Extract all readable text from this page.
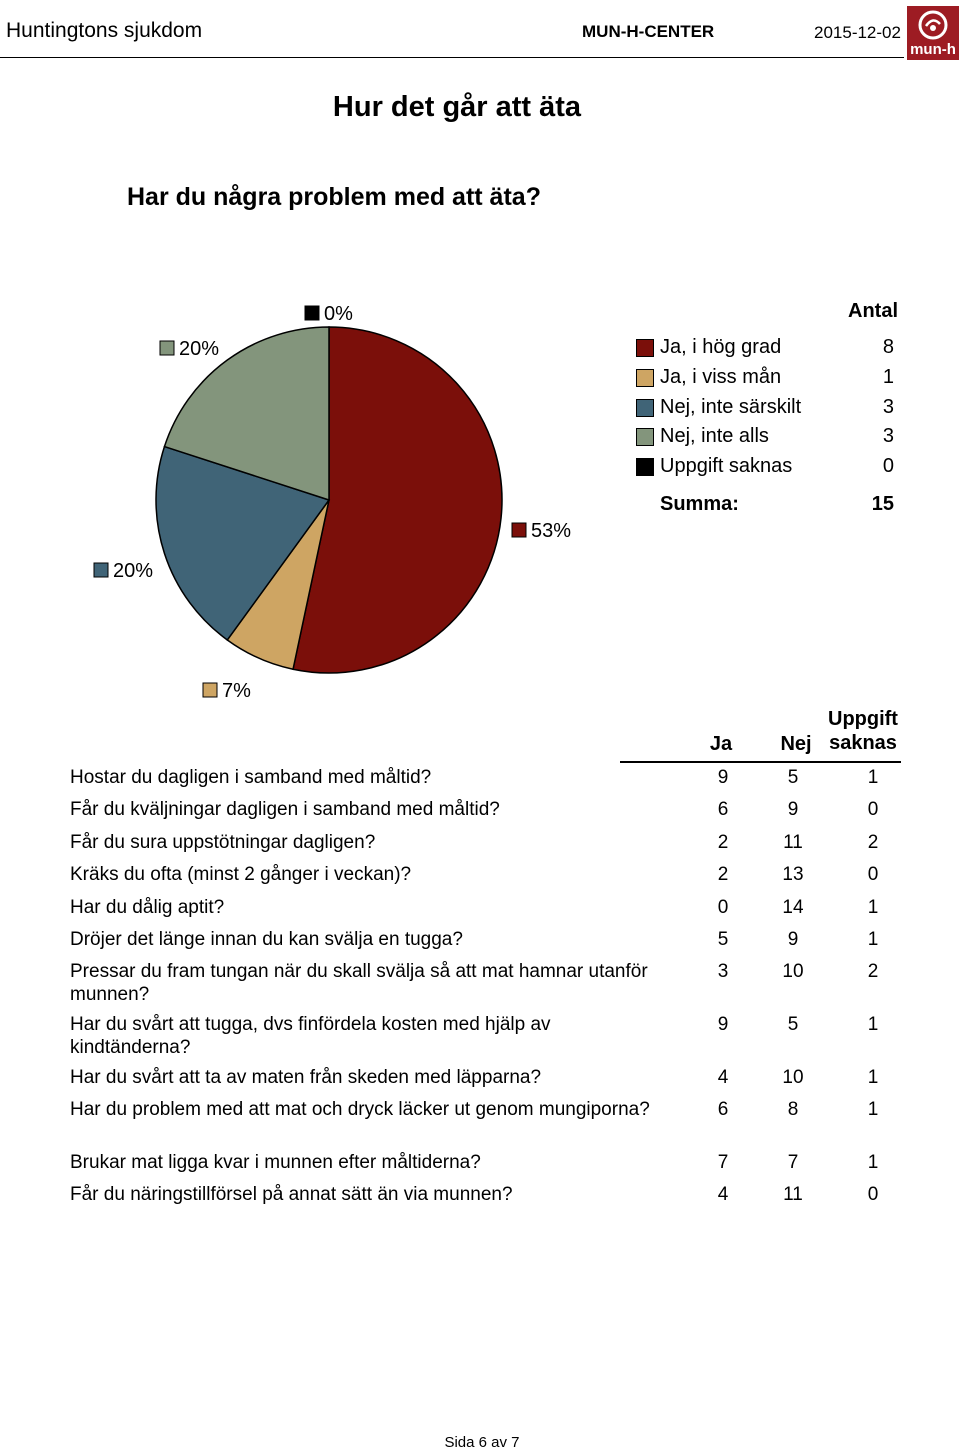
Huntingtons sjukdom	MUN-H-CENTER	2015-12-02
mun-h
Hur det går att äta
Har du några problem med att äta?
53%
7%
20%
20%
0%	Antal
Ja, i hög grad	8
Ja, i viss mån	1
Nej, inte särskilt	3
Nej, inte alls	3
Uppgift saknas	0
Summa:	15
Ja	Nej
Uppgift
saknas
Hostar du dagligen i samband med måltid?	9	5	1
Får du kväljningar dagligen i samband med måltid?	6	9	0
Får du sura uppstötningar dagligen?	2	11	2
Kräks du ofta (minst 2 gånger i veckan)?	2	13	0
Har du dålig aptit?	0	14	1
Dröjer det länge innan du kan svälja en tugga?	5	9	1
Pressar du fram tungan när du skall svälja så att mat hamnar utanför munnen?
3	10	2
Har du svårt att tugga, dvs finfördela kosten med hjälp av kindtänderna?
9	5	1
Har du svårt att ta av maten från skeden med läpparna?	4	10	1
Har du problem med att mat och dryck läcker ut genom mungiporna?	6	8	1
Brukar mat ligga kvar i munnen efter måltiderna?	7	7	1
Får du näringstillförsel på annat sätt än via munnen?	4	11	0
Sida 6 av 7
